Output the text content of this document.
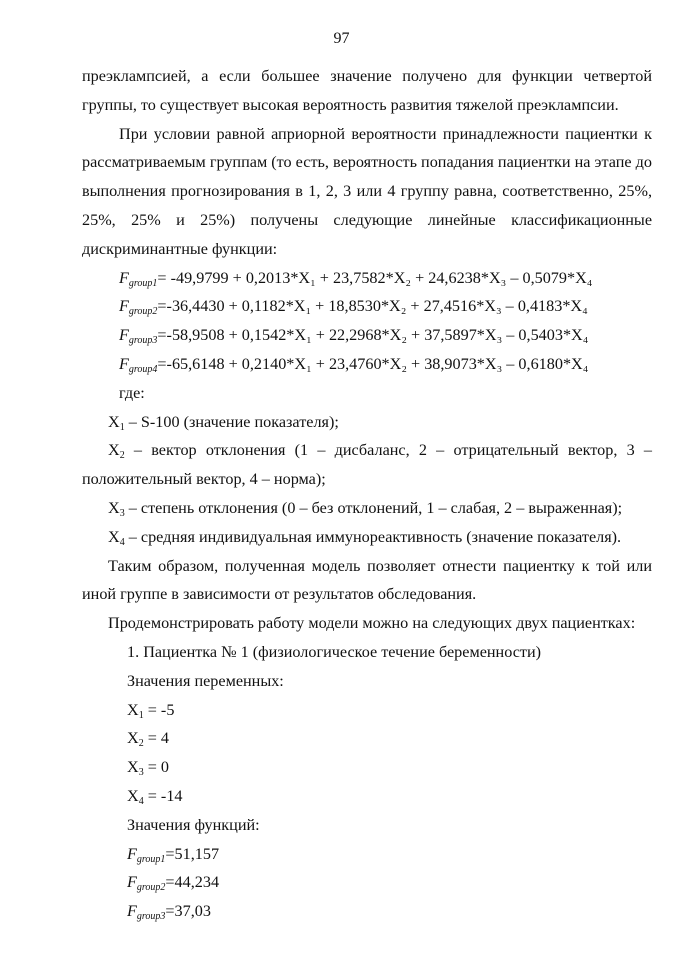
97

преэклампсией, а если большее значение получено для функции четвертой

группы, то существует высокая вероятность развития тяжелой преэклампсии.

При условии равной априорной вероятности принадлежности пациентки к

рассматриваемым группам (то есть, вероятность попадания пациентки на этапе до

выполнения прогнозирования в 1, 2, 3 или 4 группу равна, соответственно, 25%,

25%, 25% и 25%) получены следующие линейные классификационные

дискриминантные функции:

$F_{group1}= -49,9799 + 0,2013*X_1 + 23,7582*X_2 + 24,6238*X_3 - 0,5079*X_4$

$F_{group2}=-36,4430 + 0,1182*X_1 + 18,8530*X_2 + 27,4516*X_3 - 0,4183*X_4$

$F_{group3}=-58,9508 + 0,1542*X_1 + 22,2968*X_2 + 37,5897*X_3 - 0,5403*X_4$

$F_{group4}=-65,6148 + 0,2140*X_1 + 23,4760*X_2 + 38,9073*X_3 - 0,6180*X_4$

где:

$X_1 - S-100$ (значение показателя);

$X_2$ – вектор отклонения (1 – дисбаланс, 2 – отрицательный вектор, 3 –

положительный вектор, 4 – норма);

$X_3$ – степень отклонения (0 – без отклонений, 1 – слабая, 2 – выраженная);

$X_4$ – средняя индивидуальная иммунореактивность (значение показателя).

Таким образом, полученная модель позволяет отнести пациентку к той или

иной группе в зависимости от результатов обследования.

Продемонстрировать работу модели можно на следующих двух пациентках:

1. Пациентка № 1 (физиологическое течение беременности)

Значения переменных:

$X_1 = -5$

$X_2 = 4$

$X_3 = 0$

$X_4 = -14$

Значения функций:

$F_{group1}=51,157$

$F_{group2}=44,234$

$F_{group3}=37,03$
